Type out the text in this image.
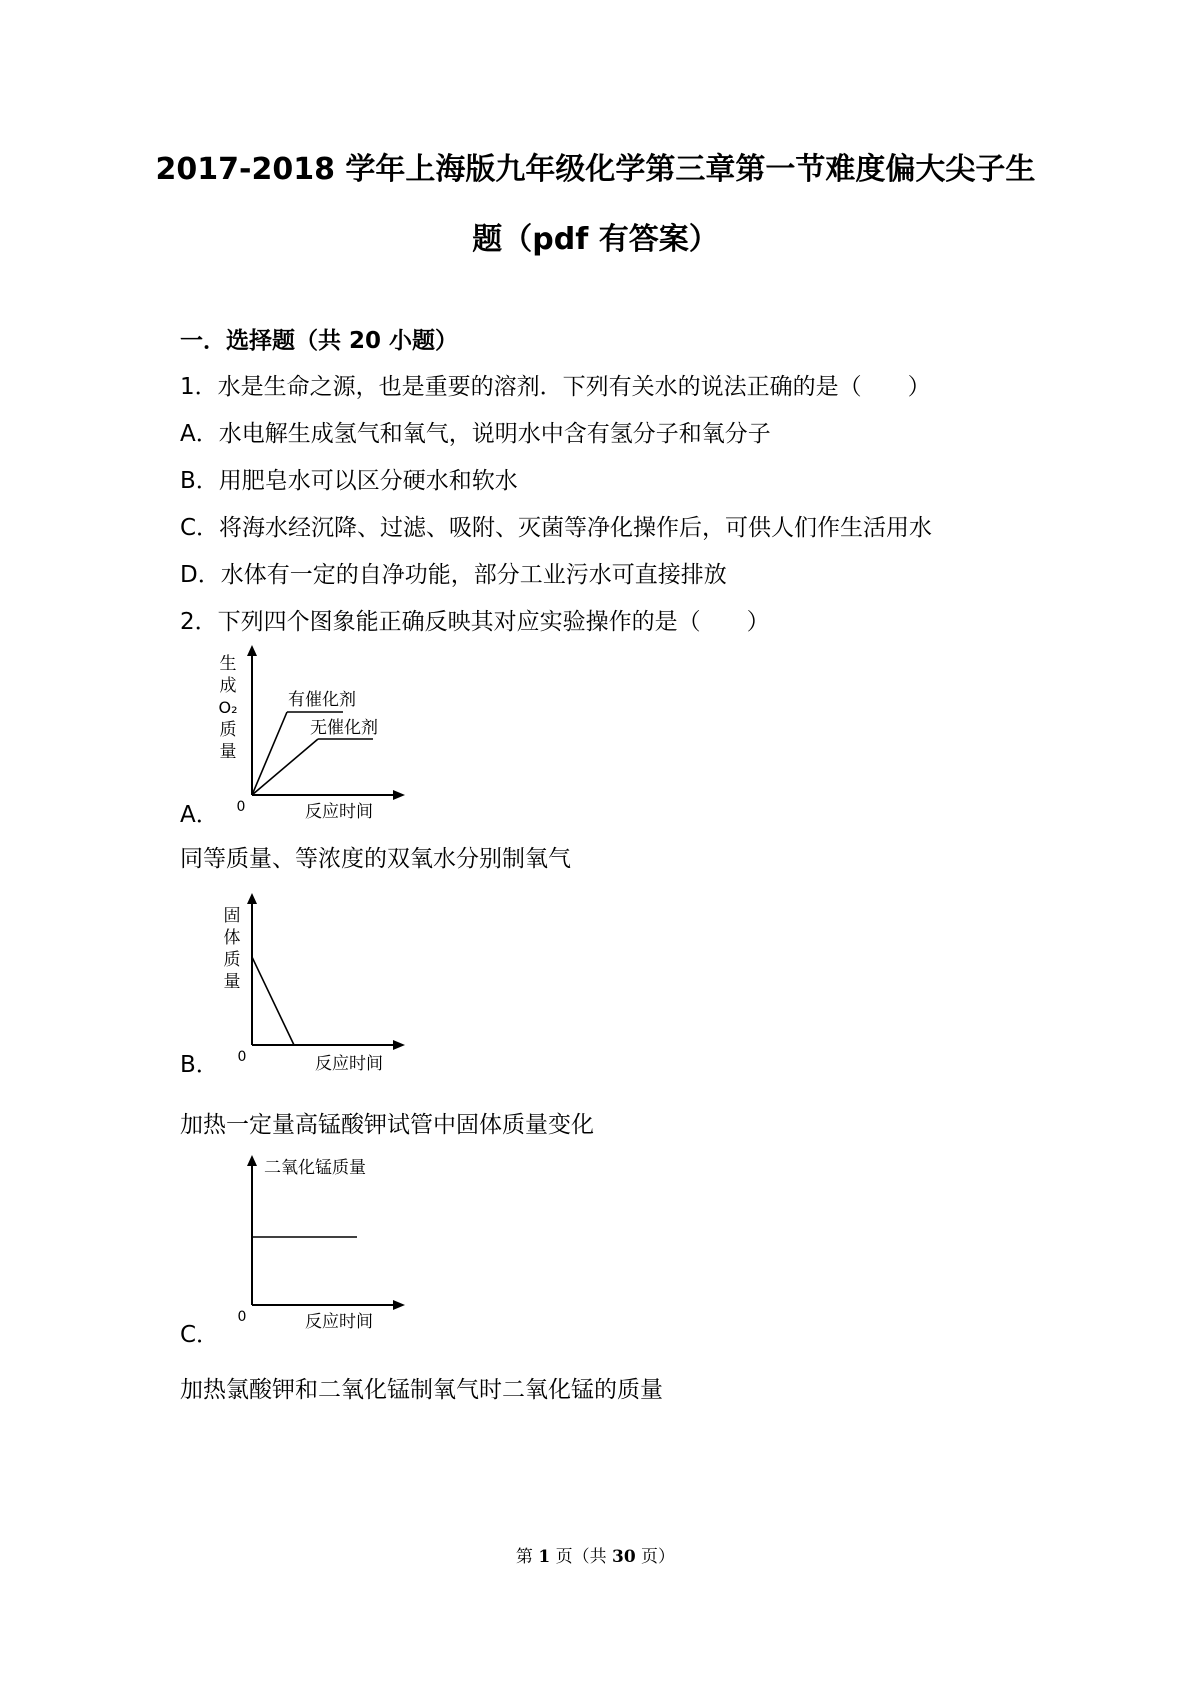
2017-2018 学年上海版九年级化学第三章第一节难度偏大尖子生
题（pdf 有答案）
一．选择题（共 20 小题）
1．水是生命之源，也是重要的溶剂．下列有关水的说法正确的是（　　）
A．水电解生成氢气和氧气，说明水中含有氢分子和氧分子
B．用肥皂水可以区分硬水和软水
C．将海水经沉降、过滤、吸附、灭菌等净化操作后，可供人们作生活用水
D．水体有一定的自净功能，部分工业污水可直接排放
2．下列四个图象能正确反映其对应实验操作的是（　　）
生
成
O₂
质
量
0	反应时间
有催化剂
无催化剂
A．
同等质量、等浓度的双氧水分别制氧气
固
体
质
量
0	反应时间
B．
加热一定量高锰酸钾试管中固体质量变化
二氧化锰质量
0	反应时间
C．
加热氯酸钾和二氧化锰制氧气时二氧化锰的质量
第 1 页（共 30 页）
